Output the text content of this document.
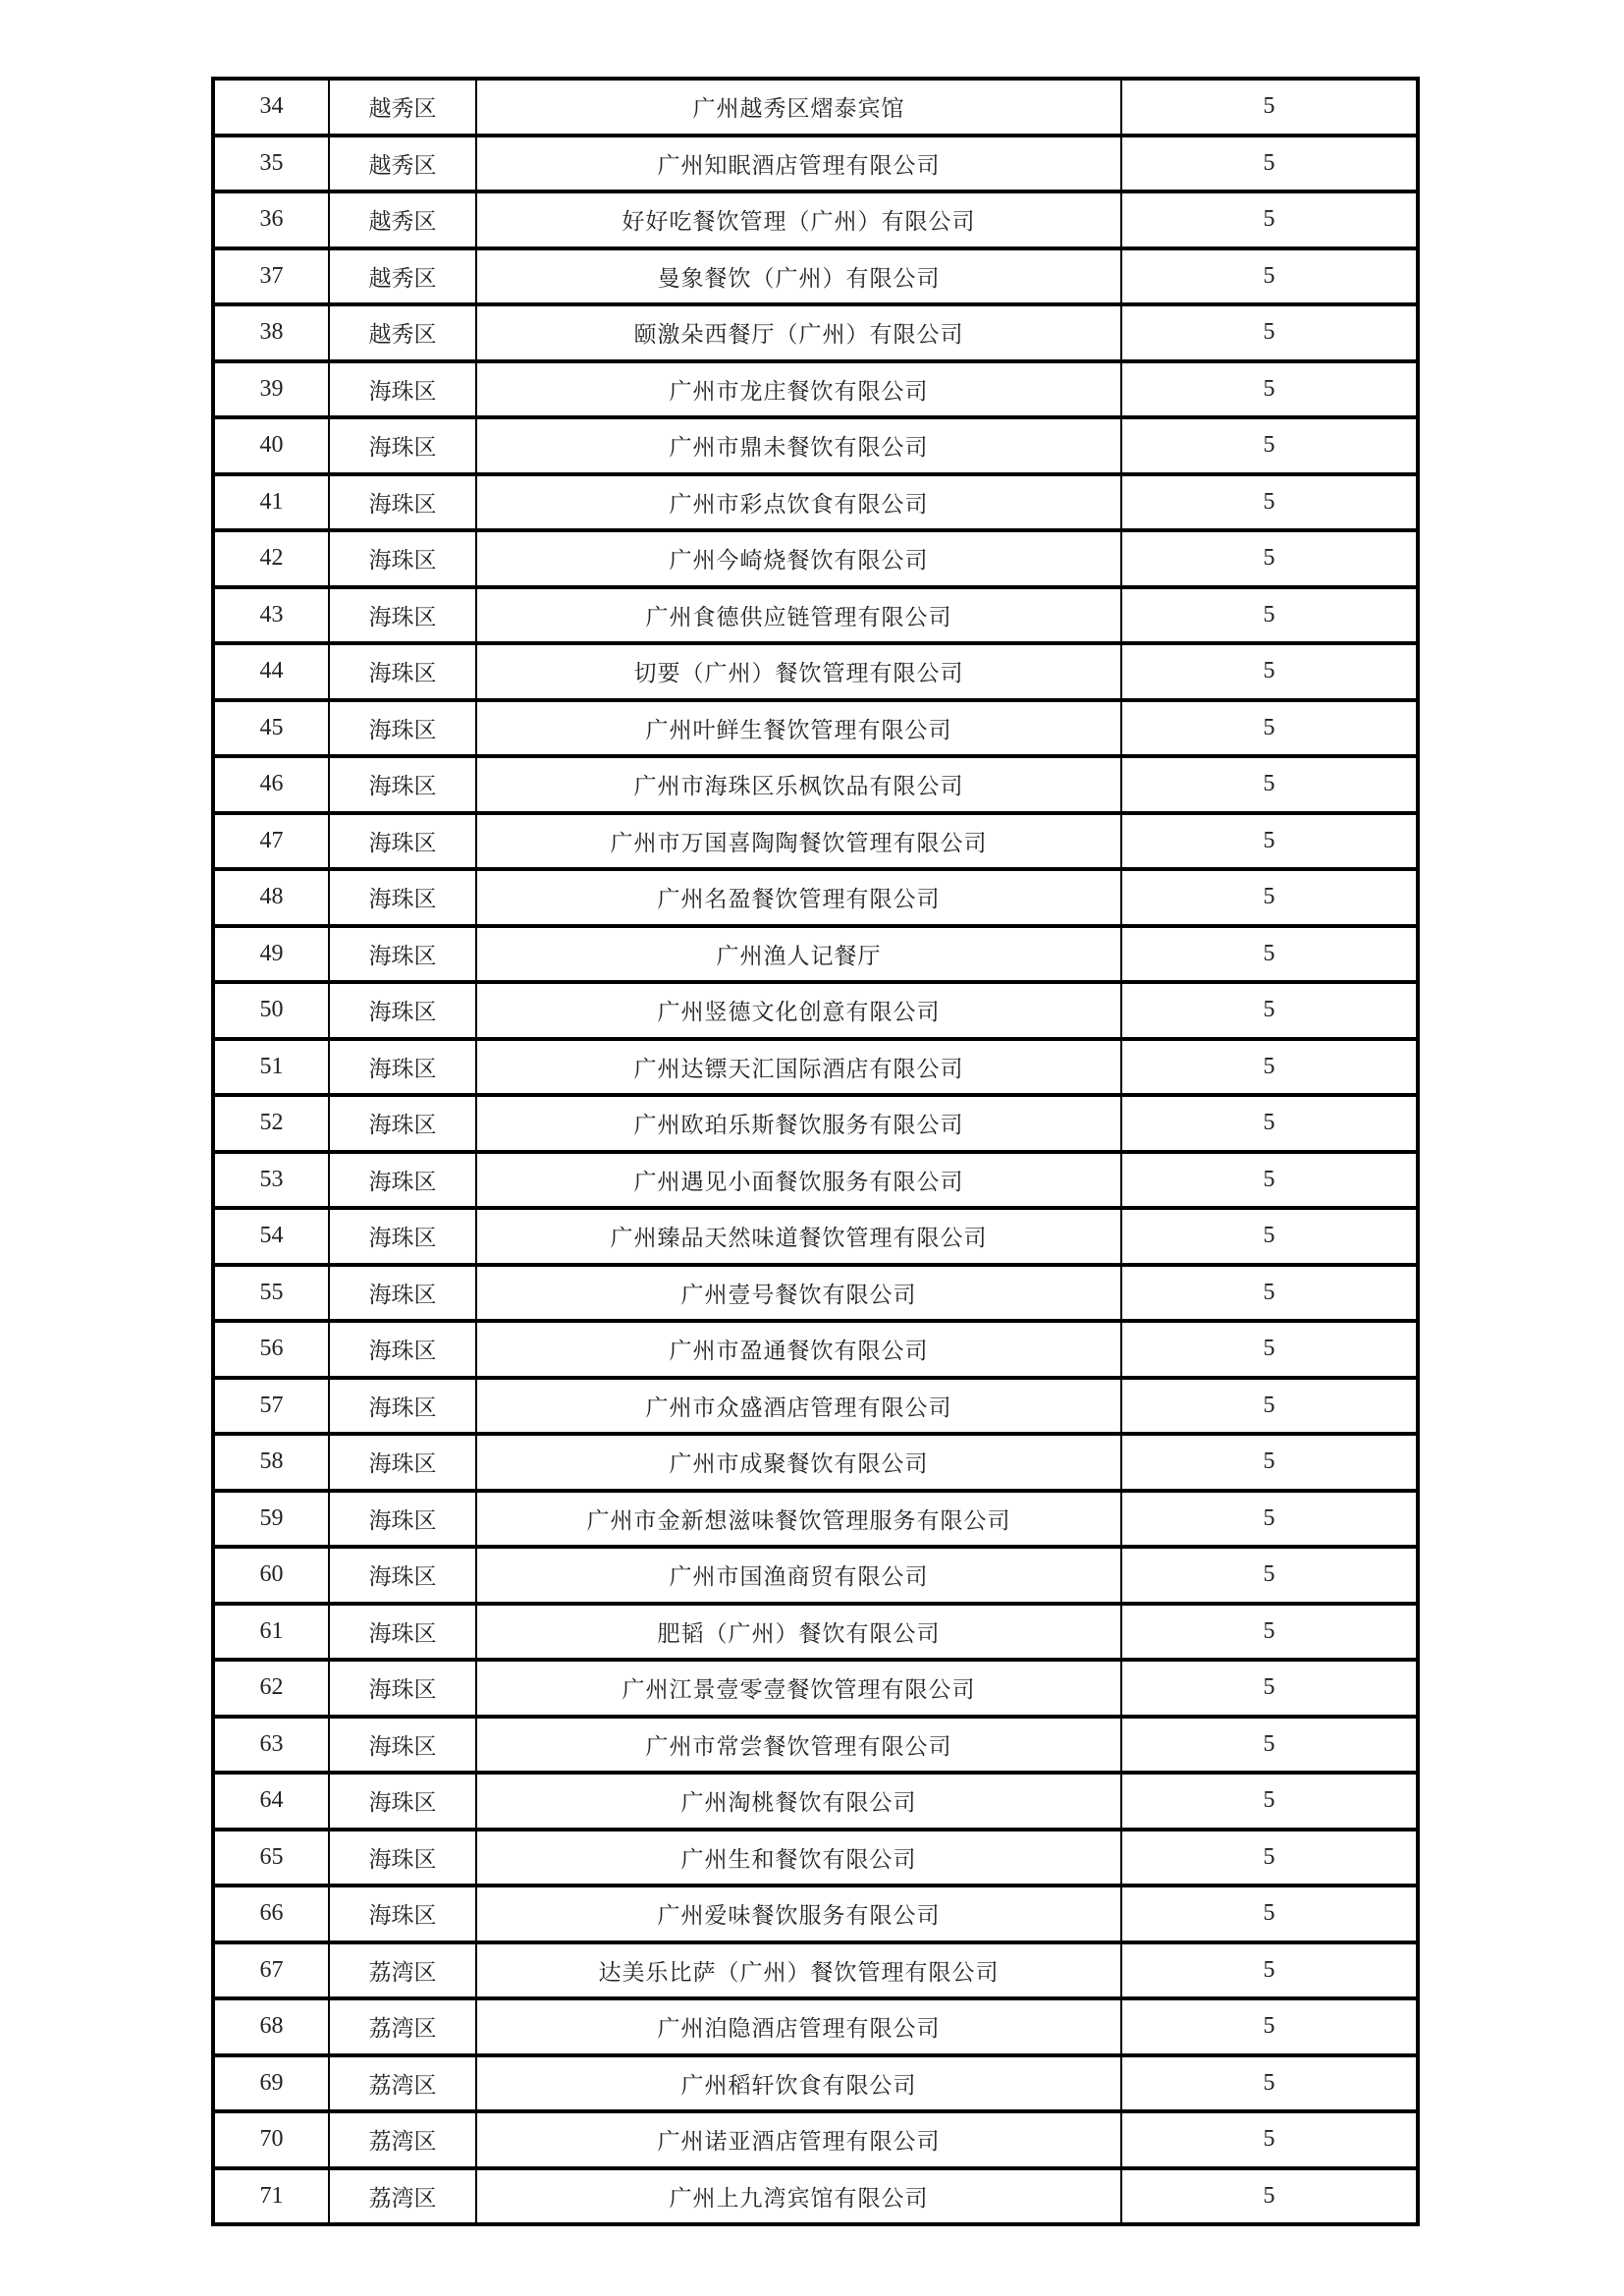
34	越秀区	广州越秀区熠泰宾馆	5
35	越秀区	广州知眠酒店管理有限公司	5
36	越秀区	好好吃餐饮管理（广州）有限公司	5
37	越秀区	曼象餐饮（广州）有限公司	5
38	越秀区	颐激朵西餐厅（广州）有限公司	5
39	海珠区	广州市龙庄餐饮有限公司	5
40	海珠区	广州市鼎未餐饮有限公司	5
41	海珠区	广州市彩点饮食有限公司	5
42	海珠区	广州今崎烧餐饮有限公司	5
43	海珠区	广州食德供应链管理有限公司	5
44	海珠区	切要（广州）餐饮管理有限公司	5
45	海珠区	广州叶鲜生餐饮管理有限公司	5
46	海珠区	广州市海珠区乐枫饮品有限公司	5
47	海珠区	广州市万国喜陶陶餐饮管理有限公司	5
48	海珠区	广州名盈餐饮管理有限公司	5
49	海珠区	广州渔人记餐厅	5
50	海珠区	广州竖德文化创意有限公司	5
51	海珠区	广州达镖天汇国际酒店有限公司	5
52	海珠区	广州欧珀乐斯餐饮服务有限公司	5
53	海珠区	广州遇见小面餐饮服务有限公司	5
54	海珠区	广州臻品天然味道餐饮管理有限公司	5
55	海珠区	广州壹号餐饮有限公司	5
56	海珠区	广州市盈通餐饮有限公司	5
57	海珠区	广州市众盛酒店管理有限公司	5
58	海珠区	广州市成聚餐饮有限公司	5
59	海珠区	广州市金新想滋味餐饮管理服务有限公司	5
60	海珠区	广州市国渔商贸有限公司	5
61	海珠区	肥韬（广州）餐饮有限公司	5
62	海珠区	广州江景壹零壹餐饮管理有限公司	5
63	海珠区	广州市常尝餐饮管理有限公司	5
64	海珠区	广州淘桃餐饮有限公司	5
65	海珠区	广州生和餐饮有限公司	5
66	海珠区	广州爱味餐饮服务有限公司	5
67	荔湾区	达美乐比萨（广州）餐饮管理有限公司	5
68	荔湾区	广州泊隐酒店管理有限公司	5
69	荔湾区	广州稻轩饮食有限公司	5
70	荔湾区	广州诺亚酒店管理有限公司	5
71	荔湾区	广州上九湾宾馆有限公司	5
